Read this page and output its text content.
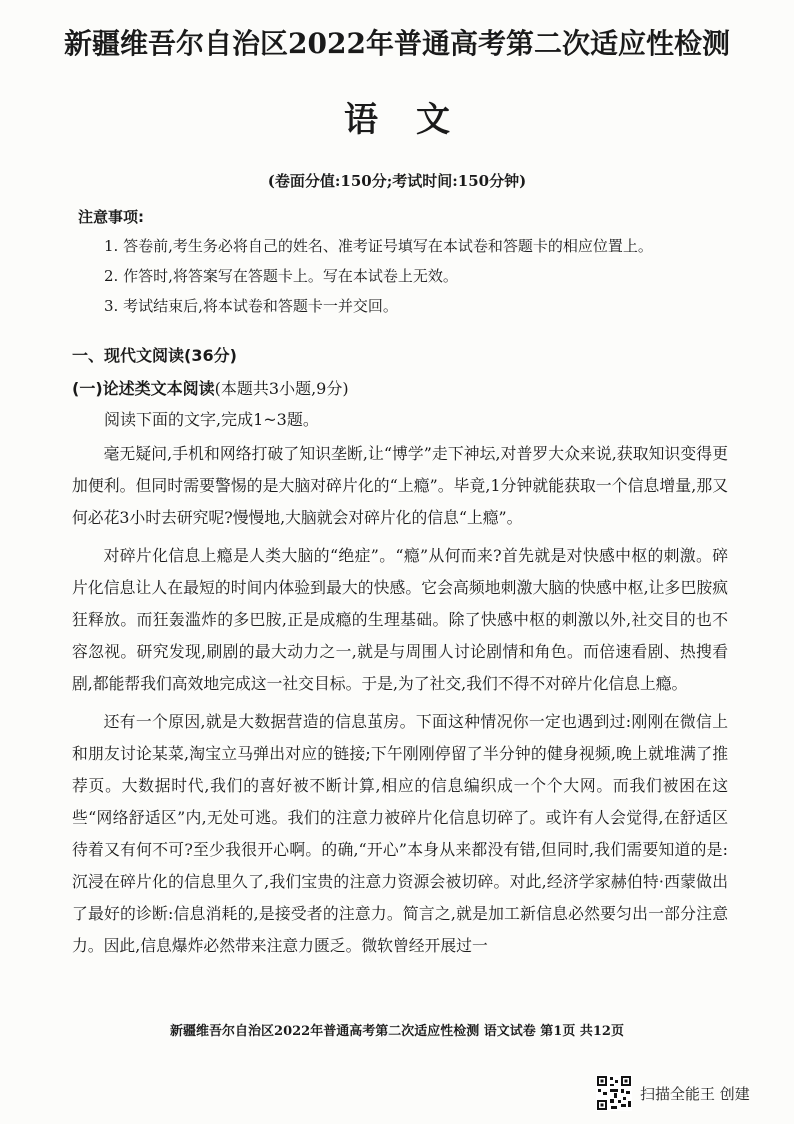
新疆维吾尔自治区2022年普通高考第二次适应性检测
语文
(卷面分值:150分;考试时间:150分钟)
注意事项:
1. 答卷前,考生务必将自己的姓名、准考证号填写在本试卷和答题卡的相应位置上。
2. 作答时,将答案写在答题卡上。写在本试卷上无效。
3. 考试结束后,将本试卷和答题卡一并交回。
一、现代文阅读(36分)
(一)论述类文本阅读(本题共3小题,9分)
阅读下面的文字,完成1~3题。

毫无疑问,手机和网络打破了知识垄断,让“博学”走下神坛,对普罗大众来说,获取知识变得更加便利。但同时需要警惕的是大脑对碎片化的“上瘾”。毕竟,1分钟就能获取一个信息增量,那又何必花3小时去研究呢?慢慢地,大脑就会对碎片化的信息“上瘾”。

对碎片化信息上瘾是人类大脑的“绝症”。“瘾”从何而来?首先就是对快感中枢的刺激。碎片化信息让人在最短的时间内体验到最大的快感。它会高频地刺激大脑的快感中枢,让多巴胺疯狂释放。而狂轰滥炸的多巴胺,正是成瘾的生理基础。除了快感中枢的刺激以外,社交目的也不容忽视。研究发现,刷剧的最大动力之一,就是与周围人讨论剧情和角色。而倍速看剧、热搜看剧,都能帮我们高效地完成这一社交目标。于是,为了社交,我们不得不对碎片化信息上瘾。

还有一个原因,就是大数据营造的信息茧房。下面这种情况你一定也遇到过:刚刚在微信上和朋友讨论某菜,淘宝立马弹出对应的链接;下午刚刚停留了半分钟的健身视频,晚上就堆满了推荐页。大数据时代,我们的喜好被不断计算,相应的信息编织成一个个大网。而我们被困在这些“网络舒适区”内,无处可逃。我们的注意力被碎片化信息切碎了。或许有人会觉得,在舒适区待着又有何不可?至少我很开心啊。的确,“开心”本身从来都没有错,但同时,我们需要知道的是:沉浸在碎片化的信息里久了,我们宝贵的注意力资源会被切碎。对此,经济学家赫伯特·西蒙做出了最好的诊断:信息消耗的,是接受者的注意力。简言之,就是加工新信息必然要匀出一部分注意力。因此,信息爆炸必然带来注意力匮乏。微软曾经开展过一

新疆维吾尔自治区2022年普通高考第二次适应性检测 语文试卷 第1页 共12页
扫描全能王 创建
